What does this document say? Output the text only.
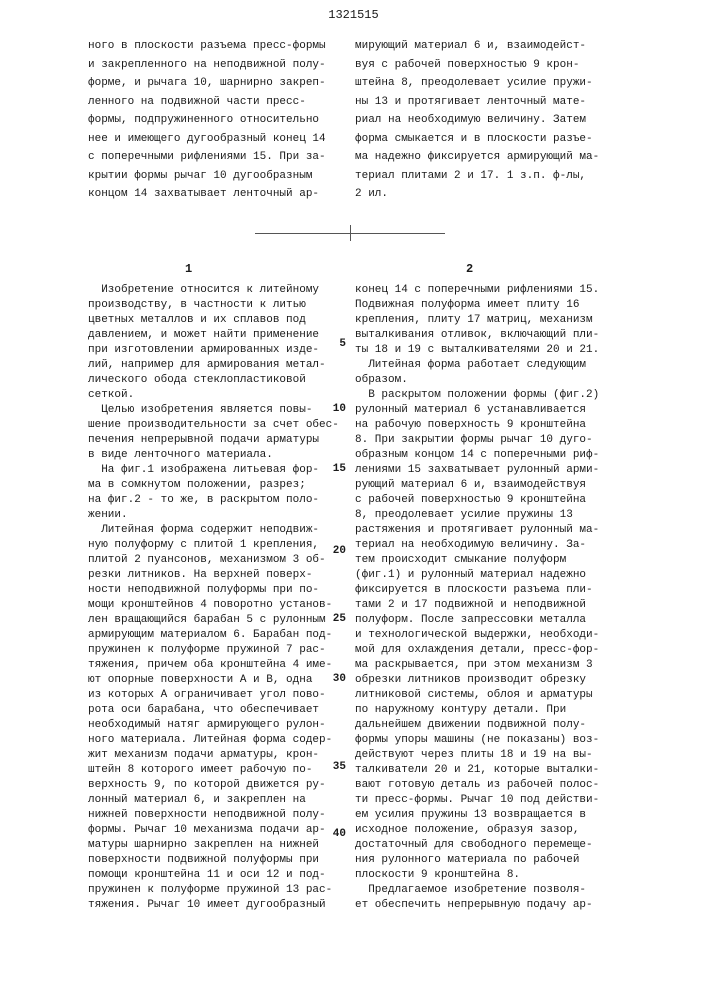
1321515
ного в плоскости разъема пресс-формы
и закрепленного на неподвижной полу-
форме, и рычага 10, шарнирно закреп-
ленного на подвижной части пресс-
формы, подпружиненного относительно
нее и имеющего дугообразный конец 14
с поперечными рифлениями 15. При за-
крытии формы рычаг 10 дугообразным
концом 14 захватывает ленточный ар-
мирующий материал 6 и, взаимодейст-
вуя с рабочей поверхностью 9 крон-
штейна 8, преодолевает усилие пружи-
ны 13 и протягивает ленточный мате-
риал на необходимую величину. Затем
форма смыкается и в плоскости разъе-
ма надежно фиксируется армирующий ма-
териал плитами 2 и 17. 1 з.п. ф-лы,
2 ил.
1	2
Изобретение относится к литейному
производству, в частности к литью
цветных металлов и их сплавов под
давлением, и может найти применение
при изготовлении армированных изде-
лий, например для армирования метал-
лического обода стеклопластиковой
сеткой.
Целью изобретения является повы-
шение производительности за счет обес-
печения непрерывной подачи арматуры
в виде ленточного материала.
На фиг.1 изображена литьевая фор-
ма в сомкнутом положении, разрез;
на фиг.2 - то же, в раскрытом поло-
жении.
Литейная форма содержит неподвиж-
ную полуформу с плитой 1 крепления,
плитой 2 пуансонов, механизмом 3 об-
резки литников. На верхней поверх-
ности неподвижной полуформы при по-
мощи кронштейнов 4 поворотно установ-
лен вращающийся барабан 5 с рулонным
армирующим материалом 6. Барабан под-
пружинен к полуформе пружиной 7 рас-
тяжения, причем оба кронштейна 4 име-
ют опорные поверхности А и В, одна
из которых А ограничивает угол пово-
рота оси барабана, что обеспечивает
необходимый натяг армирующего рулон-
ного материала. Литейная форма содер-
жит механизм подачи арматуры, крон-
штейн 8 которого имеет рабочую по-
верхность 9, по которой движется ру-
лонный материал 6, и закреплен на
нижней поверхности неподвижной полу-
формы. Рычаг 10 механизма подачи ар-
матуры шарнирно закреплен на нижней
поверхности подвижной полуформы при
помощи кронштейна 11 и оси 12 и под-
пружинен к полуформе пружиной 13 рас-
тяжения. Рычаг 10 имеет дугообразный
конец 14 с поперечными рифлениями 15.
Подвижная полуформа имеет плиту 16
крепления, плиту 17 матриц, механизм
выталкивания отливок, включающий пли-
ты 18 и 19 с выталкивателями 20 и 21.
Литейная форма работает следующим
образом.
В раскрытом положении формы (фиг.2)
рулонный материал 6 устанавливается
на рабочую поверхность 9 кронштейна
8. При закрытии формы рычаг 10 дуго-
образным концом 14 с поперечными риф-
лениями 15 захватывает рулонный арми-
рующий материал 6 и, взаимодействуя
с рабочей поверхностью 9 кронштейна
8, преодолевает усилие пружины 13
растяжения и протягивает рулонный ма-
териал на необходимую величину. За-
тем происходит смыкание полуформ
(фиг.1) и рулонный материал надежно
фиксируется в плоскости разъема пли-
тами 2 и 17 подвижной и неподвижной
полуформ. После запрессовки металла
и технологической выдержки, необходи-
мой для охлаждения детали, пресс-фор-
ма раскрывается, при этом механизм 3
обрезки литников производит обрезку
литниковой системы, облоя и арматуры
по наружному контуру детали. При
дальнейшем движении подвижной полу-
формы упоры машины (не показаны) воз-
действуют через плиты 18 и 19 на вы-
талкиватели 20 и 21, которые выталки-
вают готовую деталь из рабочей полос-
ти пресс-формы. Рычаг 10 под действи-
ем усилия пружины 13 возвращается в
исходное положение, образуя зазор,
достаточный для свободного перемеще-
ния рулонного материала по рабочей
плоскости 9 кронштейна 8.
Предлагаемое изобретение позволя-
ет обеспечить непрерывную подачу ар-
5
10
15
20
25
30
35
40
